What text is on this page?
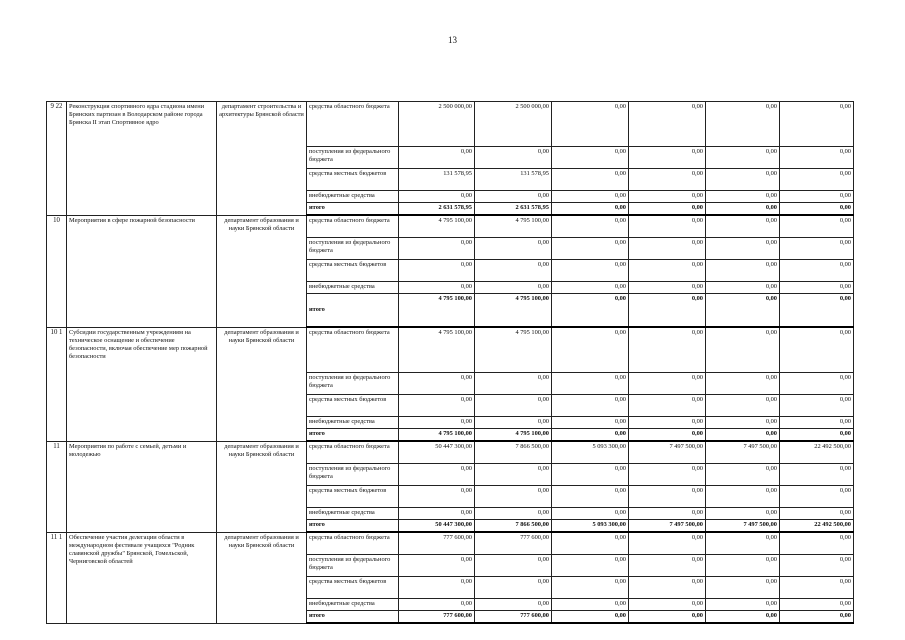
13
9 22	Реконструкция спортивного ядра стадиона имени Брянских партизан в Володарском районе города Брянска II этап Спортивное ядро	департамент строительства и архитектуры Брянской области	средства областного бюджета	2 500 000,00	2 500 000,00	0,00	0,00	0,00	0,00
			поступления из федерального бюджета	0,00	0,00	0,00	0,00	0,00	0,00
			средства местных бюджетов	131 578,95	131 578,95	0,00	0,00	0,00	0,00
			внебюджетные средства	0,00	0,00	0,00	0,00	0,00	0,00
			итого	2 631 578,95	2 631 578,95	0,00	0,00	0,00	0,00
10	Мероприятия в сфере пожарной безопасности	департамент образования и науки Брянской области	средства областного бюджета	4 795 100,00	4 795 100,00	0,00	0,00	0,00	0,00
			поступления из федерального бюджета	0,00	0,00	0,00	0,00	0,00	0,00
			средства местных бюджетов	0,00	0,00	0,00	0,00	0,00	0,00
			внебюджетные средства	0,00	0,00	0,00	0,00	0,00	0,00
			итого	4 795 100,00	4 795 100,00	0,00	0,00	0,00	0,00
10 1	Субсидии государственным учреждениям на техническое оснащение и обеспечение безопасности, включая обеспечение мер пожарной безопасности	департамент образования и науки Брянской области	средства областного бюджета	4 795 100,00	4 795 100,00	0,00	0,00	0,00	0,00
			поступления из федерального бюджета	0,00	0,00	0,00	0,00	0,00	0,00
			средства местных бюджетов	0,00	0,00	0,00	0,00	0,00	0,00
			внебюджетные средства	0,00	0,00	0,00	0,00	0,00	0,00
			итого	4 795 100,00	4 795 100,00	0,00	0,00	0,00	0,00
11	Мероприятия по работе с семьей, детьми и молодежью	департамент образования и науки Брянской области	средства областного бюджета	50 447 300,00	7 866 500,00	5 093 300,00	7 497 500,00	7 497 500,00	22 492 500,00
			поступления из федерального бюджета	0,00	0,00	0,00	0,00	0,00	0,00
			средства местных бюджетов	0,00	0,00	0,00	0,00	0,00	0,00
			внебюджетные средства	0,00	0,00	0,00	0,00	0,00	0,00
			итого	50 447 300,00	7 866 500,00	5 093 300,00	7 497 500,00	7 497 500,00	22 492 500,00
11 1	Обеспечение участия делегации области в международном фестивале учащихся "Родник славянской дружбы" Брянской, Гомельской, Черниговской областей	департамент образования и науки Брянской области	средства областного бюджета	777 600,00	777 600,00	0,00	0,00	0,00	0,00
			поступления из федерального бюджета	0,00	0,00	0,00	0,00	0,00	0,00
			средства местных бюджетов	0,00	0,00	0,00	0,00	0,00	0,00
			внебюджетные средства	0,00	0,00	0,00	0,00	0,00	0,00
			итого	777 600,00	777 600,00	0,00	0,00	0,00	0,00
